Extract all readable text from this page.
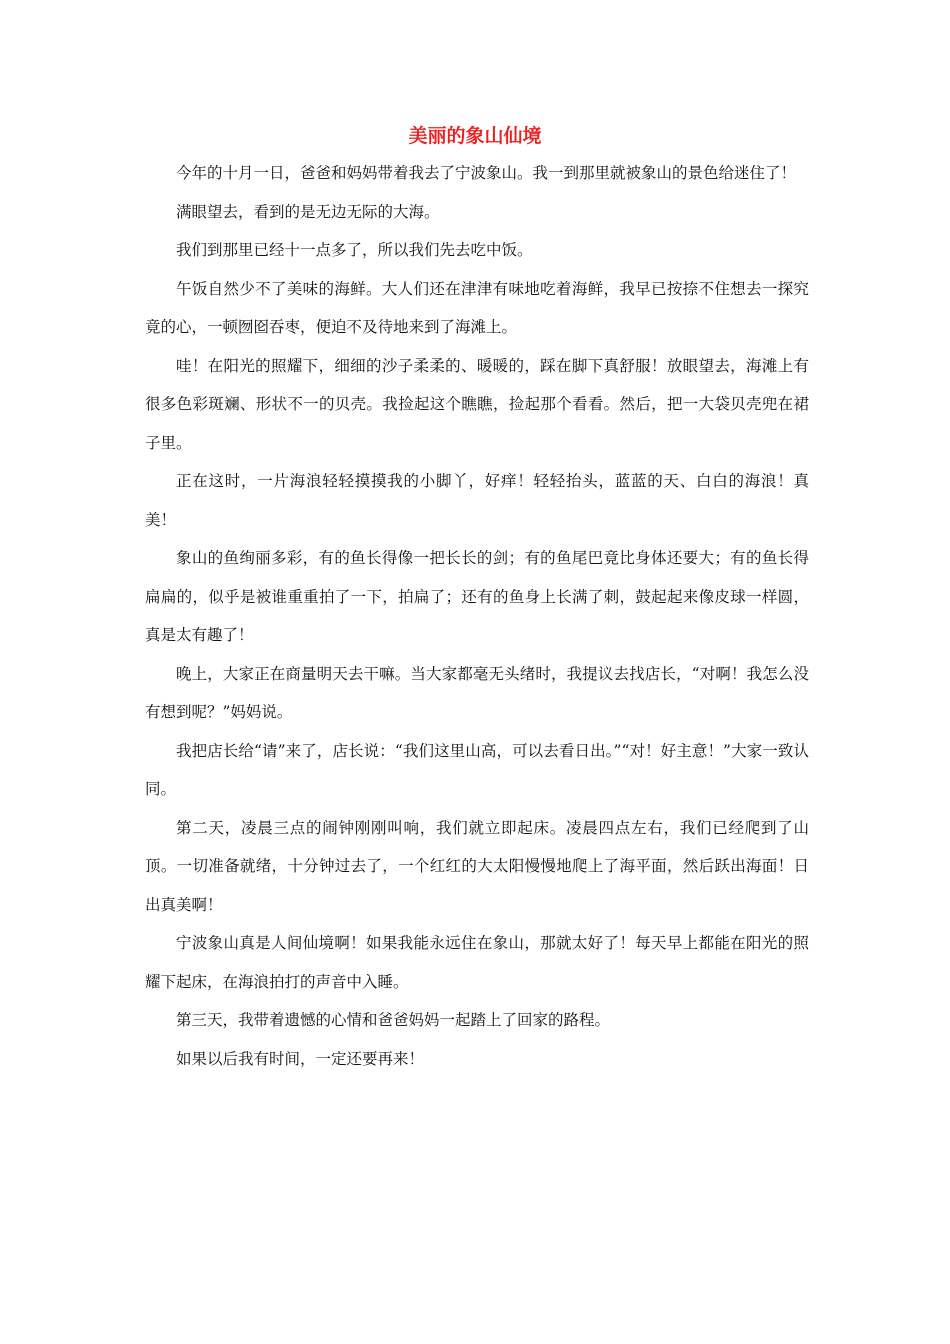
美丽的象山仙境

今年的十月一日，爸爸和妈妈带着我去了宁波象山。我一到那里就被象山的景色给迷住了！

满眼望去，看到的是无边无际的大海。

我们到那里已经十一点多了，所以我们先去吃中饭。

午饭自然少不了美味的海鲜。大人们还在津津有味地吃着海鲜，我早已按捺不住想去一探究竟的心，一顿囫囵吞枣，便迫不及待地来到了海滩上。

哇！在阳光的照耀下，细细的沙子柔柔的、暖暖的，踩在脚下真舒服！放眼望去，海滩上有很多色彩斑斓、形状不一的贝壳。我捡起这个瞧瞧，捡起那个看看。然后，把一大袋贝壳兜在裙子里。

正在这时，一片海浪轻轻摸摸我的小脚丫，好痒！轻轻抬头，蓝蓝的天、白白的海浪！真美！

象山的鱼绚丽多彩，有的鱼长得像一把长长的剑；有的鱼尾巴竟比身体还要大；有的鱼长得扁扁的，似乎是被谁重重拍了一下，拍扁了；还有的鱼身上长满了刺，鼓起起来像皮球一样圆，真是太有趣了！

晚上，大家正在商量明天去干嘛。当大家都毫无头绪时，我提议去找店长，“对啊！我怎么没有想到呢？”妈妈说。

我把店长给“请”来了，店长说：“我们这里山高，可以去看日出。”“对！好主意！”大家一致认同。

第二天，凌晨三点的闹钟刚刚叫响，我们就立即起床。凌晨四点左右，我们已经爬到了山顶。一切准备就绪，十分钟过去了，一个红红的大太阳慢慢地爬上了海平面，然后跃出海面！日出真美啊！

宁波象山真是人间仙境啊！如果我能永远住在象山，那就太好了！每天早上都能在阳光的照耀下起床，在海浪拍打的声音中入睡。

第三天，我带着遗憾的心情和爸爸妈妈一起踏上了回家的路程。

如果以后我有时间，一定还要再来！
